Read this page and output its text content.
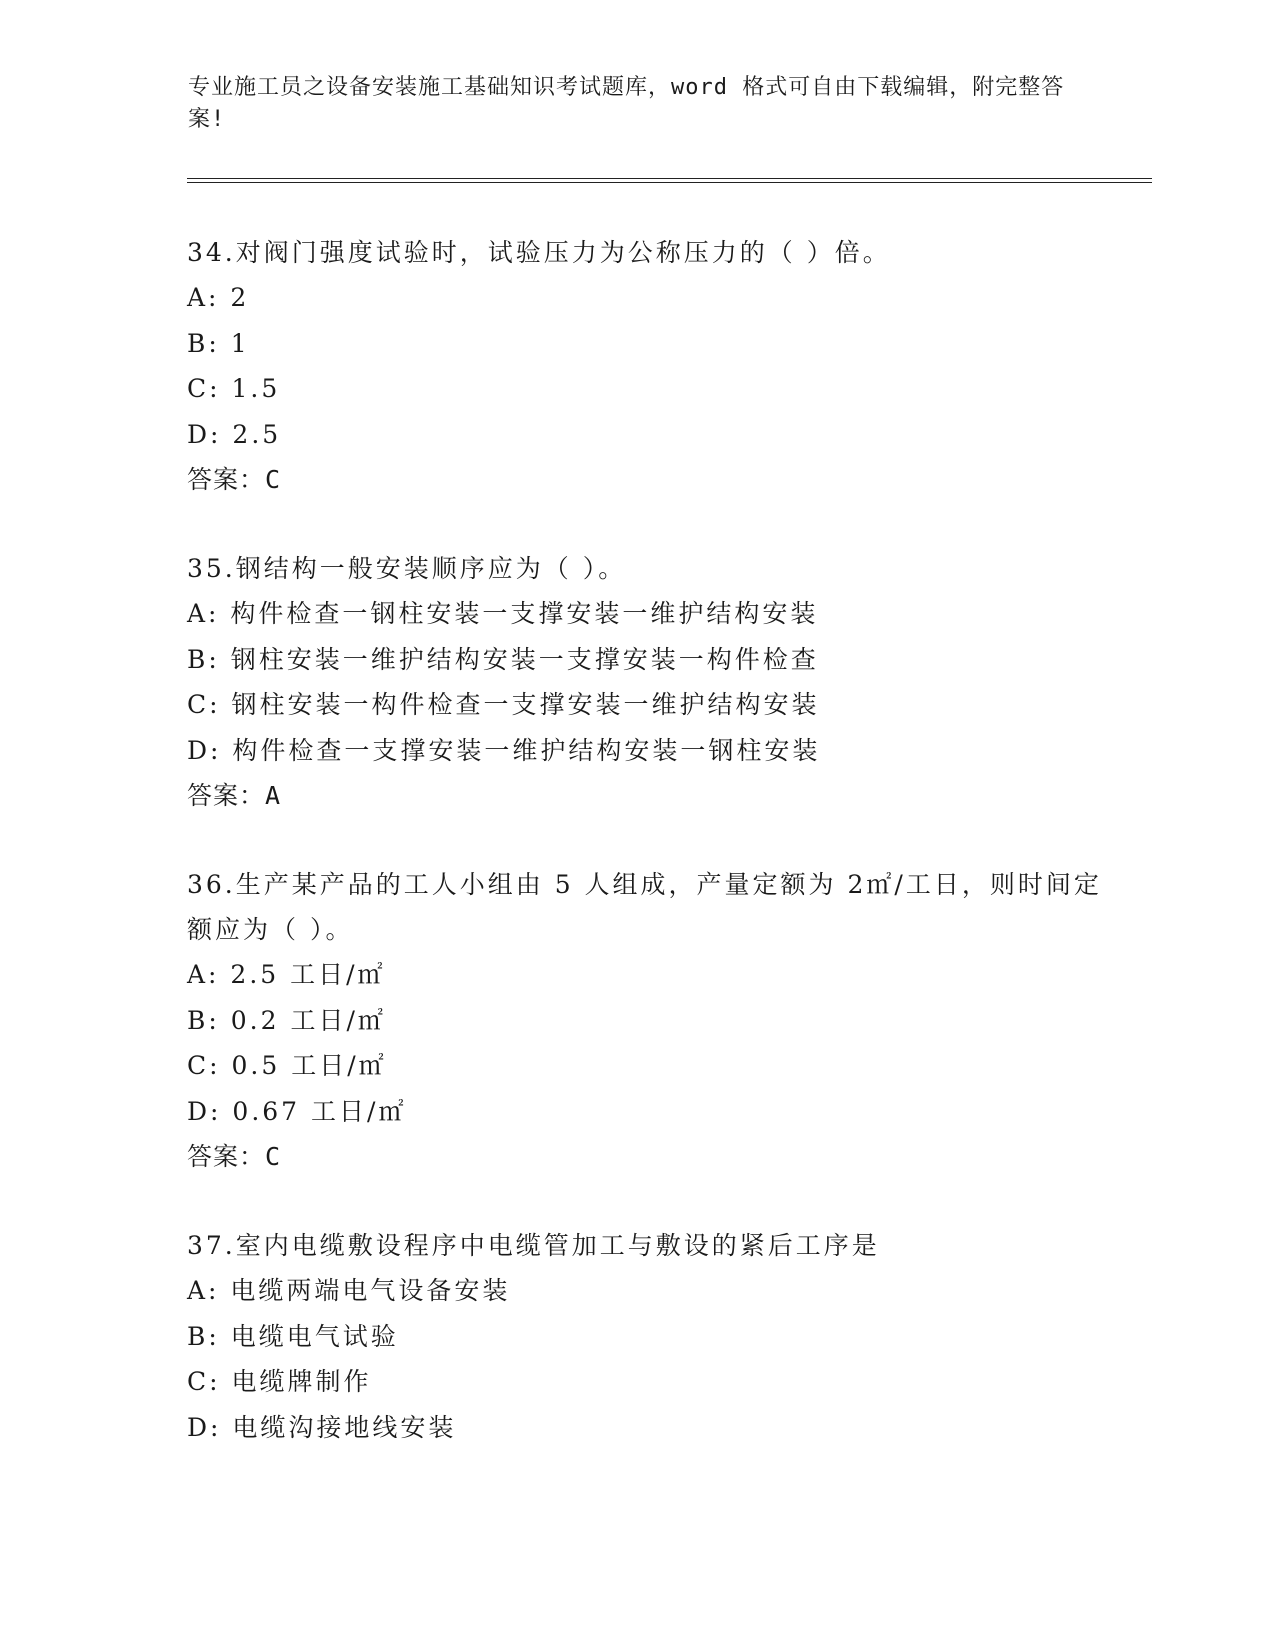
专业施工员之设备安装施工基础知识考试题库，word 格式可自由下载编辑，附完整答案!

34.对阀门强度试验时，试验压力为公称压力的（ ）倍。

A: 2

B: 1

C: 1.5

D: 2.5

答案：C

35.钢结构一般安装顺序应为（ ）。

A: 构件检查一钢柱安装一支撑安装一维护结构安装

B: 钢柱安装一维护结构安装一支撑安装一构件检查

C: 钢柱安装一构件检查一支撑安装一维护结构安装

D: 构件检查一支撑安装一维护结构安装一钢柱安装

答案：A

36.生产某产品的工人小组由 5 人组成，产量定额为 2㎡/工日，则时间定额应为（ ）。

A: 2.5 工日/㎡

B: 0.2 工日/㎡

C: 0.5 工日/㎡

D: 0.67 工日/㎡

答案：C

37.室内电缆敷设程序中电缆管加工与敷设的紧后工序是

A: 电缆两端电气设备安装

B: 电缆电气试验

C: 电缆牌制作

D: 电缆沟接地线安装
